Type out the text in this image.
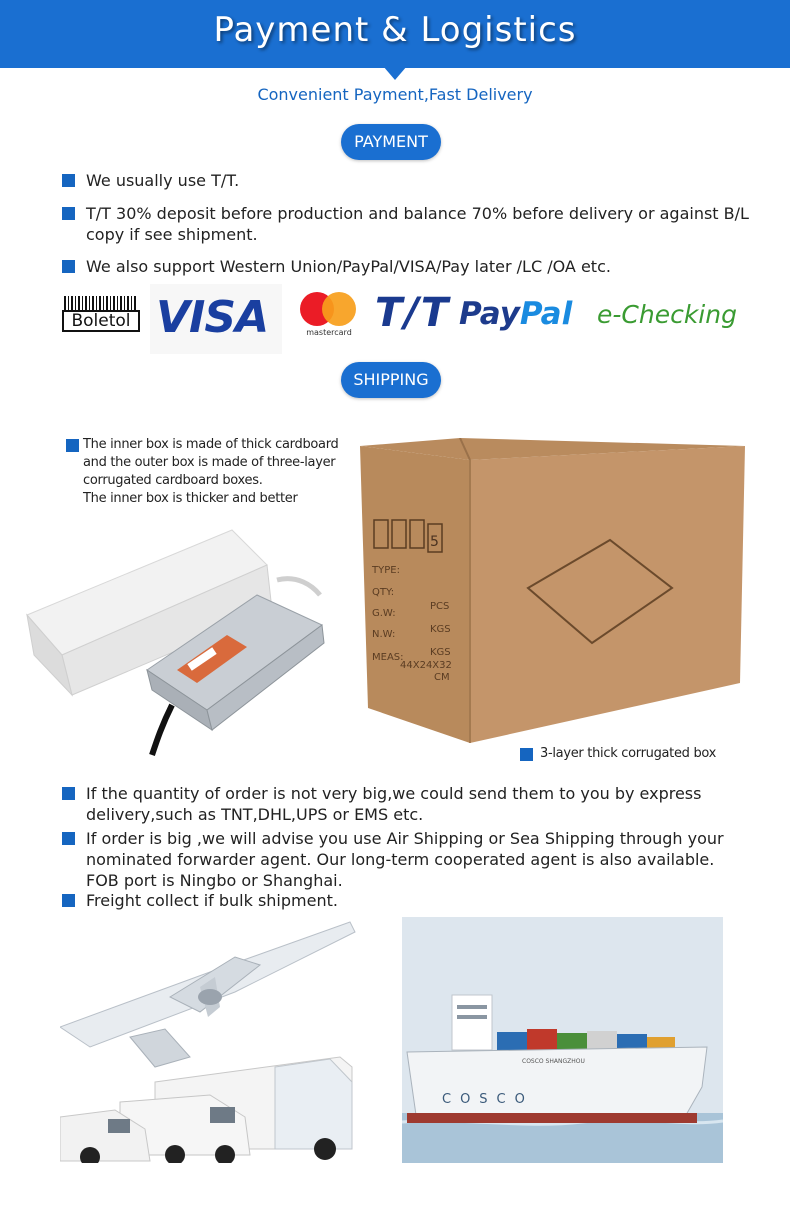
Payment & Logistics
Convenient Payment,Fast Delivery
PAYMENT
We usually use T/T.
T/T 30% deposit before production and balance 70% before delivery or against B/L
copy if see shipment.
We also support Western Union/PayPal/VISA/Pay later /LC /OA etc.
Boletol VISA	mastercard T/T PayPal e-Checking
SHIPPING
The inner box is made of thick cardboard
and the outer box is made of three-layer
corrugated cardboard boxes.
The inner box is thicker and better
5
TYPE:
QTY:
G.W:
N.W:
MEAS:
44X24X32
PCS
KGS
KGS
CM
3-layer thick corrugated box
If the quantity of order is not very big,we could send them to you by express
delivery,such as TNT,DHL,UPS or EMS etc.
If order is big ,we will advise you use Air Shipping or Sea Shipping through your
nominated forwarder agent. Our long-term cooperated agent is also available.
FOB port is Ningbo or Shanghai.
Freight collect if bulk shipment.
COSCO
COSCO SHANGZHOU
